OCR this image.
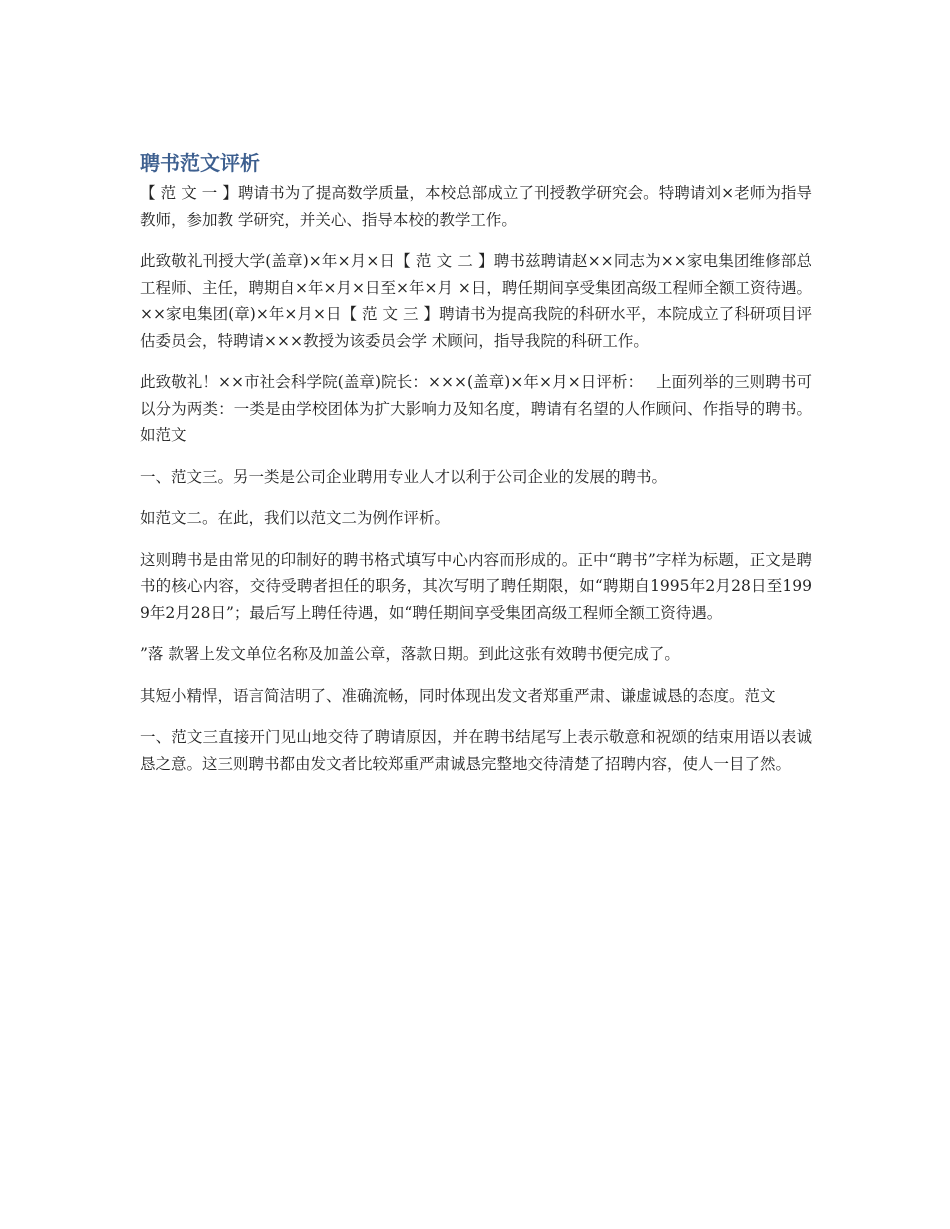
聘书范文评析

【 范 文 一 】聘请书为了提高数学质量，本校总部成立了刊授教学研究会。特聘请刘×老师为指导教师，参加教 学研究，并关心、指导本校的教学工作。

此致敬礼刊授大学(盖章)×年×月×日【 范 文 二 】聘书兹聘请赵××同志为××家电集团维修部总工程师、主任，聘期自×年×月×日至×年×月 ×日，聘任期间享受集团高级工程师全额工资待遇。××家电集团(章)×年×月×日【 范 文 三 】聘请书为提高我院的科研水平，本院成立了科研项目评估委员会，特聘请×××教授为该委员会学 术顾问，指导我院的科研工作。

此致敬礼！××市社会科学院(盖章)院长：×××(盖章)×年×月×日评析：　 上面列举的三则聘书可以分为两类：一类是由学校团体为扩大影响力及知名度，聘请有名望的人作顾问、作指导的聘书。如范文

一、范文三。另一类是公司企业聘用专业人才以利于公司企业的发展的聘书。

如范文二。在此，我们以范文二为例作评析。

这则聘书是由常见的印制好的聘书格式填写中心内容而形成的。正中“聘书”字样为标题，正文是聘书的核心内容，交待受聘者担任的职务，其次写明了聘任期限，如“聘期自1995年2月28日至1999年2月28日”；最后写上聘任待遇，如“聘任期间享受集团高级工程师全额工资待遇。

”落 款署上发文单位名称及加盖公章，落款日期。到此这张有效聘书便完成了。

其短小精悍，语言简洁明了、准确流畅，同时体现出发文者郑重严肃、谦虚诚恳的态度。范文

一、范文三直接开门见山地交待了聘请原因，并在聘书结尾写上表示敬意和祝颂的结束用语以表诚恳之意。这三则聘书都由发文者比较郑重严肃诚恳完整地交待清楚了招聘内容，使人一目了然。
